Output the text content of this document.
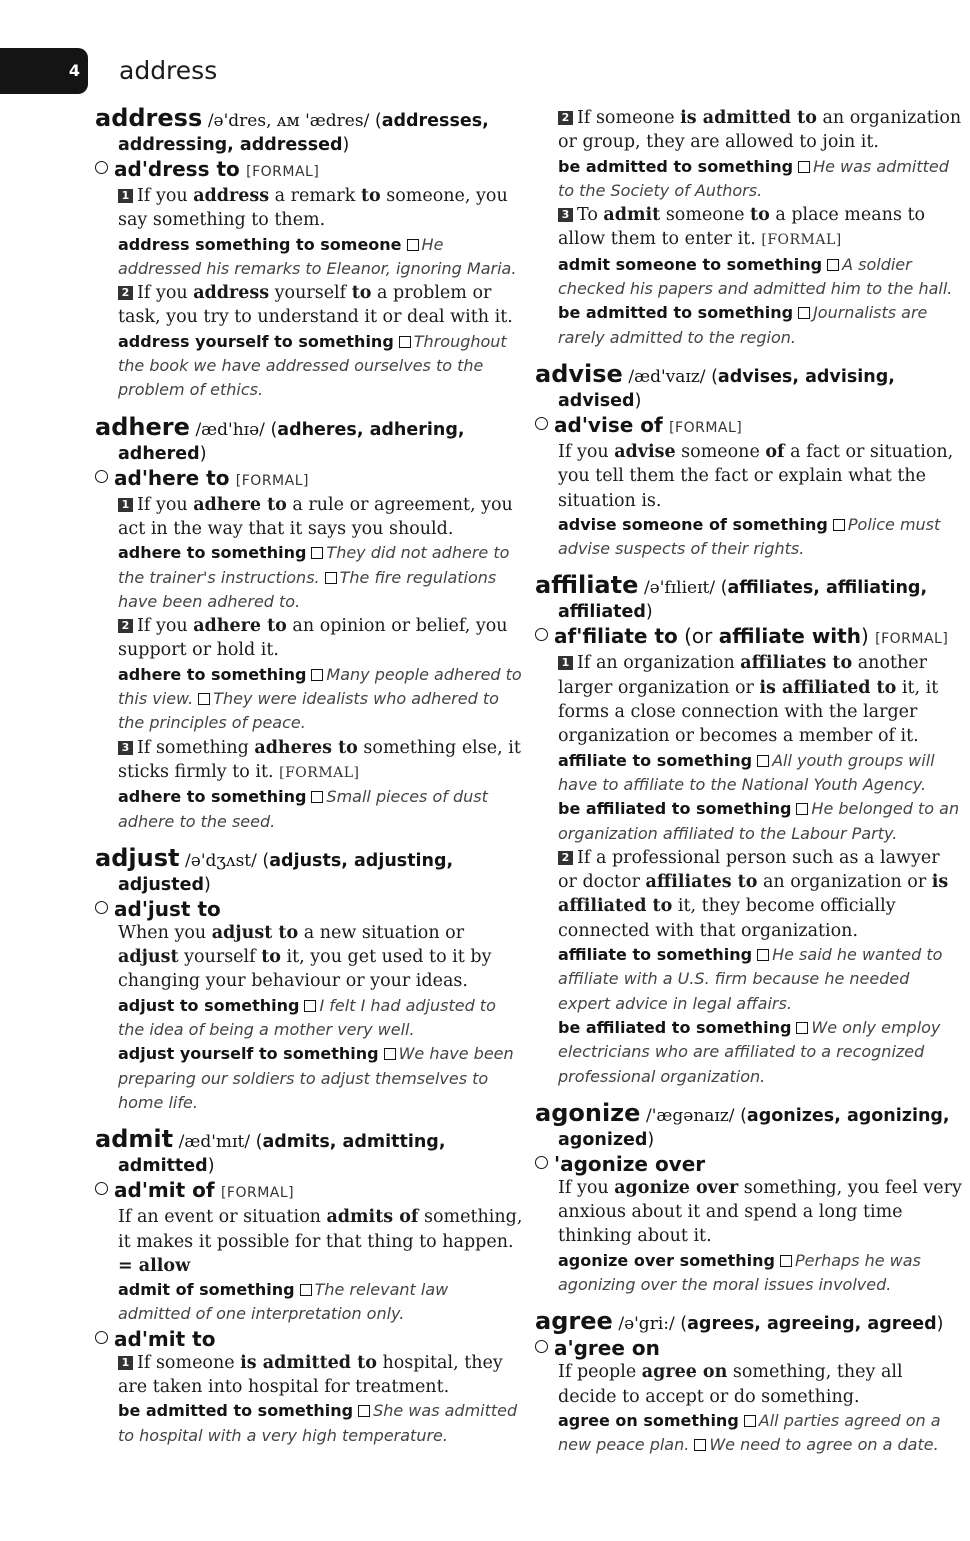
4 address
address /ə'dres, ᴀᴍ 'ædres/ (addresses, addressing, addressed)
ad'dress to [FORMAL]
1 If you address a remark to someone, you say something to them.
address something to someone He addressed his remarks to Eleanor, ignoring Maria.
2 If you address yourself to a problem or task, you try to understand it or deal with it.
address yourself to something Throughout the book we have addressed ourselves to the problem of ethics.
adhere /æd'hɪə/ (adheres, adhering, adhered)
ad'here to [FORMAL]
1 If you adhere to a rule or agreement, you act in the way that it says you should.
adhere to something They did not adhere to the trainer's instructions. The fire regulations have been adhered to.
2 If you adhere to an opinion or belief, you support or hold it.
adhere to something Many people adhered to this view. They were idealists who adhered to the principles of peace.
3 If something adheres to something else, it sticks firmly to it. [FORMAL]
adhere to something Small pieces of dust adhere to the seed.
adjust /ə'dʒʌst/ (adjusts, adjusting, adjusted)
ad'just to
When you adjust to a new situation or adjust yourself to it, you get used to it by changing your behaviour or your ideas.
adjust to something I felt I had adjusted to the idea of being a mother very well.
adjust yourself to something We have been preparing our soldiers to adjust themselves to home life.
admit /æd'mɪt/ (admits, admitting, admitted)
ad'mit of [FORMAL]
If an event or situation admits of something, it makes it possible for that thing to happen. = allow
admit of something The relevant law admitted of one interpretation only.
ad'mit to
1 If someone is admitted to hospital, they are taken into hospital for treatment.
be admitted to something She was admitted to hospital with a very high temperature.
2 If someone is admitted to an organization or group, they are allowed to join it.
be admitted to something He was admitted to the Society of Authors.
3 To admit someone to a place means to allow them to enter it. [FORMAL]
admit someone to something A soldier checked his papers and admitted him to the hall.
be admitted to something Journalists are rarely admitted to the region.
advise /æd'vaɪz/ (advises, advising, advised)
ad'vise of [FORMAL]
If you advise someone of a fact or situation, you tell them the fact or explain what the situation is.
advise someone of something Police must advise suspects of their rights.
affiliate /ə'fɪlieɪt/ (affiliates, affiliating, affiliated)
af'filiate to (or affiliate with) [FORMAL]
1 If an organization affiliates to another larger organization or is affiliated to it, it forms a close connection with the larger organization or becomes a member of it.
affiliate to something All youth groups will have to affiliate to the National Youth Agency.
be affiliated to something He belonged to an organization affiliated to the Labour Party.
2 If a professional person such as a lawyer or doctor affiliates to an organization or is affiliated to it, they become officially connected with that organization.
affiliate to something He said he wanted to affiliate with a U.S. firm because he needed expert advice in legal affairs.
be affiliated to something We only employ electricians who are affiliated to a recognized professional organization.
agonize /'ægənaɪz/ (agonizes, agonizing, agonized)
'agonize over
If you agonize over something, you feel very anxious about it and spend a long time thinking about it.
agonize over something Perhaps he was agonizing over the moral issues involved.
agree /ə'gri:/ (agrees, agreeing, agreed)
a'gree on
If people agree on something, they all decide to accept or do something.
agree on something All parties agreed on a new peace plan. We need to agree on a date.
